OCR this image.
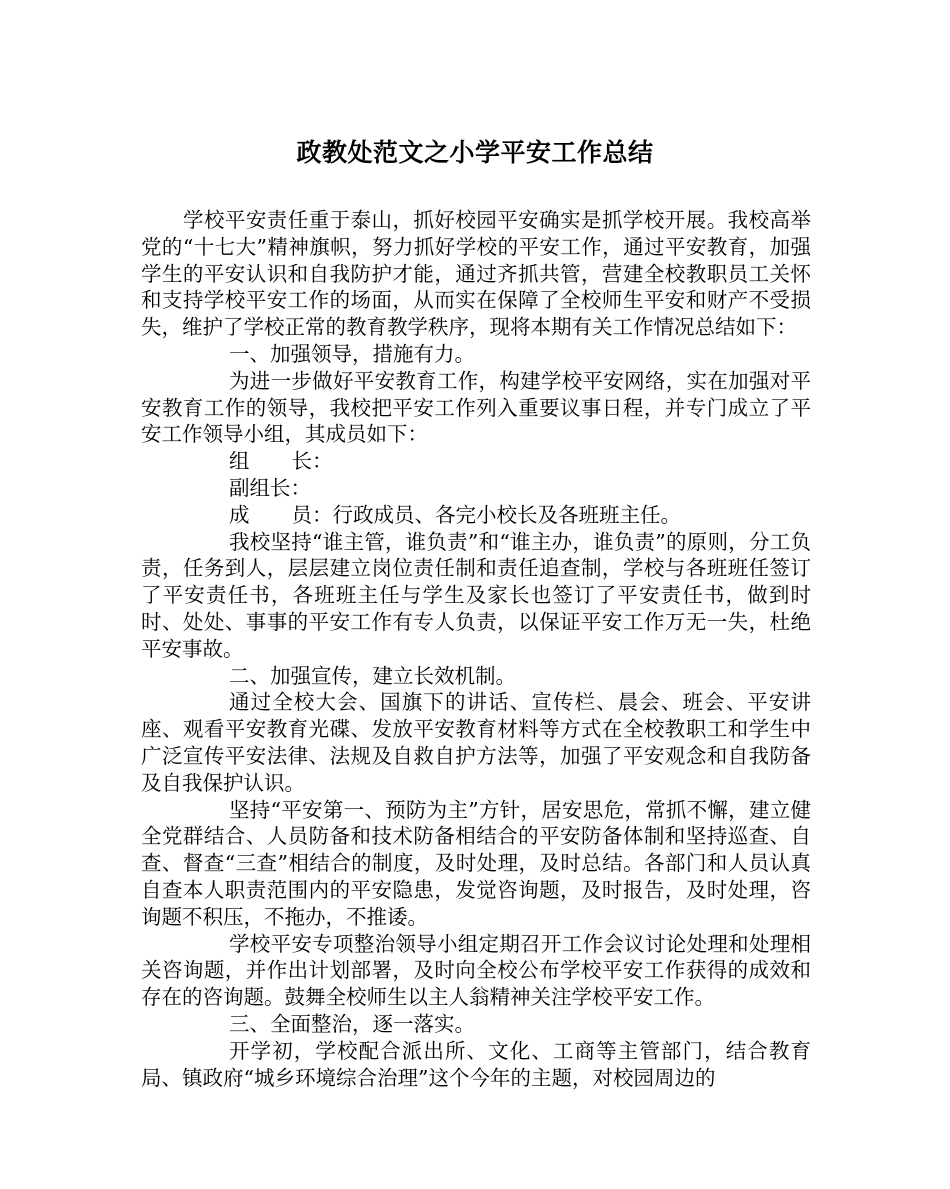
政教处范文之小学平安工作总结

学校平安责任重于泰山，抓好校园平安确实是抓学校开展。我校高举党的“十七大”精神旗帜，努力抓好学校的平安工作，通过平安教育，加强学生的平安认识和自我防护才能，通过齐抓共管，营建全校教职员工关怀和支持学校平安工作的场面，从而实在保障了全校师生平安和财产不受损失，维护了学校正常的教育教学秩序，现将本期有关工作情况总结如下：

一、加强领导，措施有力。

为进一步做好平安教育工作，构建学校平安网络，实在加强对平安教育工作的领导，我校把平安工作列入重要议事日程，并专门成立了平安工作领导小组，其成员如下：

组 长：

副组长：

成 员：行政成员、各完小校长及各班班主任。

我校坚持“谁主管，谁负责”和“谁主办，谁负责”的原则，分工负责，任务到人，层层建立岗位责任制和责任追查制，学校与各班班任签订了平安责任书，各班班主任与学生及家长也签订了平安责任书，做到时时、处处、事事的平安工作有专人负责，以保证平安工作万无一失，杜绝平安事故。

二、加强宣传，建立长效机制。

通过全校大会、国旗下的讲话、宣传栏、晨会、班会、平安讲座、观看平安教育光碟、发放平安教育材料等方式在全校教职工和学生中广泛宣传平安法律、法规及自救自护方法等，加强了平安观念和自我防备及自我保护认识。

坚持“平安第一、预防为主”方针，居安思危，常抓不懈，建立健全党群结合、人员防备和技术防备相结合的平安防备体制和坚持巡查、自查、督查“三查”相结合的制度，及时处理，及时总结。各部门和人员认真自查本人职责范围内的平安隐患，发觉咨询题，及时报告，及时处理，咨询题不积压，不拖办，不推诿。

学校平安专项整治领导小组定期召开工作会议讨论处理和处理相关咨询题，并作出计划部署，及时向全校公布学校平安工作获得的成效和存在的咨询题。鼓舞全校师生以主人翁精神关注学校平安工作。

三、全面整治，逐一落实。

开学初，学校配合派出所、文化、工商等主管部门，结合教育局、镇政府“城乡环境综合治理”这个今年的主题，对校园周边的
